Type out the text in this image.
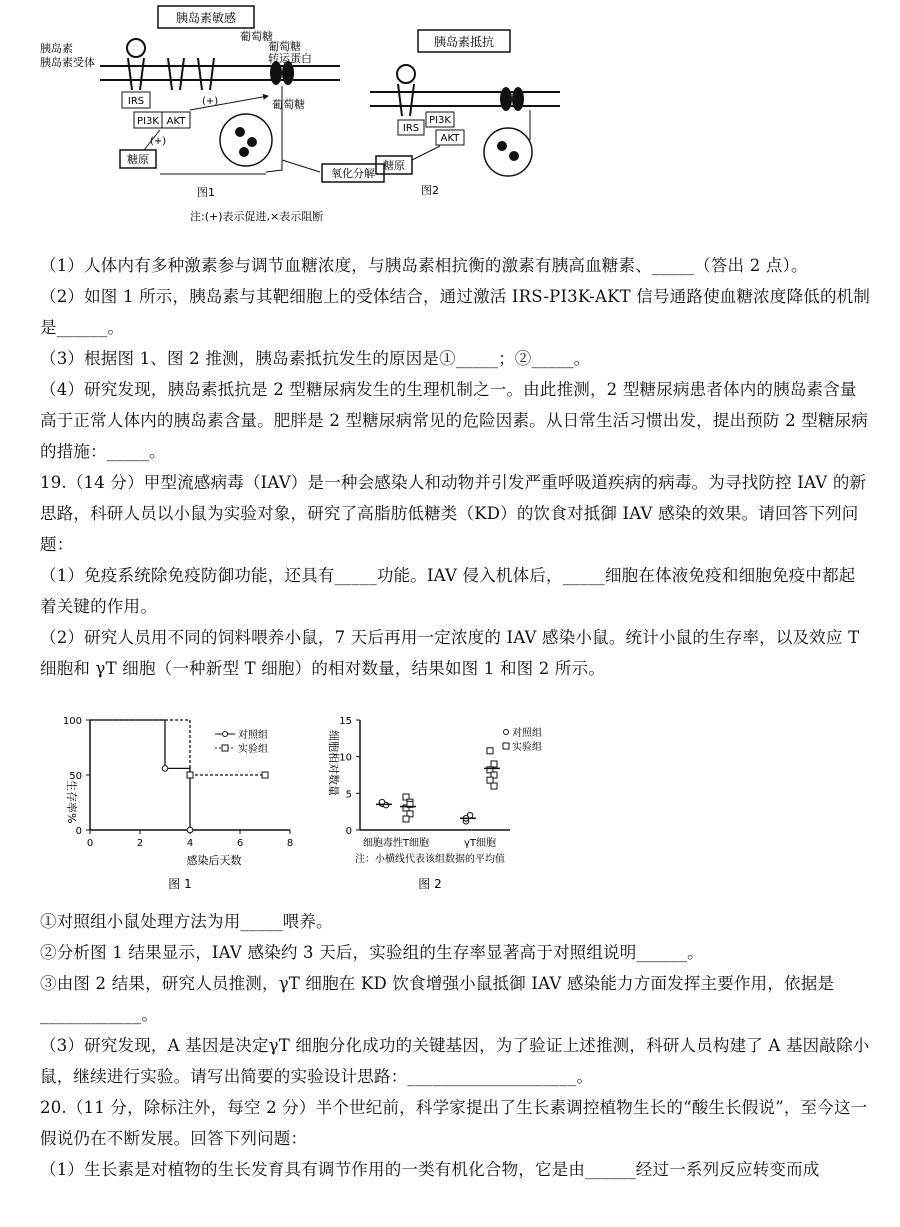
胰岛素敏感
胰岛素
胰岛素受体
葡萄糖
葡萄糖
转运蛋白
IRS
PI3K AKT
(+)
(+)
糖原
葡萄糖
氧化分解
图1
胰岛素抵抗
IRS
PI3K
AKT
糖原
图2
注:(+)表示促进,×表示阻断

（1）人体内有多种激素参与调节血糖浓度，与胰岛素相抗衡的激素有胰高血糖素、_____（答出 2 点）。

（2）如图 1 所示，胰岛素与其靶细胞上的受体结合，通过激活 IRS-PI3K-AKT 信号通路使血糖浓度降低的机制是______。

（3）根据图 1、图 2 推测，胰岛素抵抗发生的原因是①_____；②_____。

（4）研究发现，胰岛素抵抗是 2 型糖尿病发生的生理机制之一。由此推测，2 型糖尿病患者体内的胰岛素含量高于正常人体内的胰岛素含量。肥胖是 2 型糖尿病常见的危险因素。从日常生活习惯出发，提出预防 2 型糖尿病的措施：_____。

19.（14 分）甲型流感病毒（IAV）是一种会感染人和动物并引发严重呼吸道疾病的病毒。为寻找防控 IAV 的新思路，科研人员以小鼠为实验对象，研究了高脂肪低糖类（KD）的饮食对抵御 IAV 感染的效果。请回答下列问题：

（1）免疫系统除免疫防御功能，还具有_____功能。IAV 侵入机体后，_____细胞在体液免疫和细胞免疫中都起着关键的作用。

（2）研究人员用不同的饲料喂养小鼠，7 天后再用一定浓度的 IAV 感染小鼠。统计小鼠的生存率，以及效应 T 细胞和 γT 细胞（一种新型 T 细胞）的相对数量，结果如图 1 和图 2 所示。

生存率%
0
50
100
0	2	4	6	8
感染后天数
图 1
对照组
实验组	细胞相对数量
0
5
10
15
细胞毒性T细胞	γT细胞
注：小横线代表该组数据的平均值
图 2
对照组
实验组

①对照组小鼠处理方法为用_____喂养。

②分析图 1 结果显示，IAV 感染约 3 天后，实验组的生存率显著高于对照组说明______。

③由图 2 结果，研究人员推测，γT 细胞在 KD 饮食增强小鼠抵御 IAV 感染能力方面发挥主要作用，依据是____________。

（3）研究发现，A 基因是决定γT 细胞分化成功的关键基因，为了验证上述推测，科研人员构建了 A 基因敲除小鼠，继续进行实验。请写出简要的实验设计思路：____________________。

20.（11 分，除标注外，每空 2 分）半个世纪前，科学家提出了生长素调控植物生长的“酸生长假说”，至今这一假说仍在不断发展。回答下列问题：

（1）生长素是对植物的生长发育具有调节作用的一类有机化合物，它是由______经过一系列反应转变而成
